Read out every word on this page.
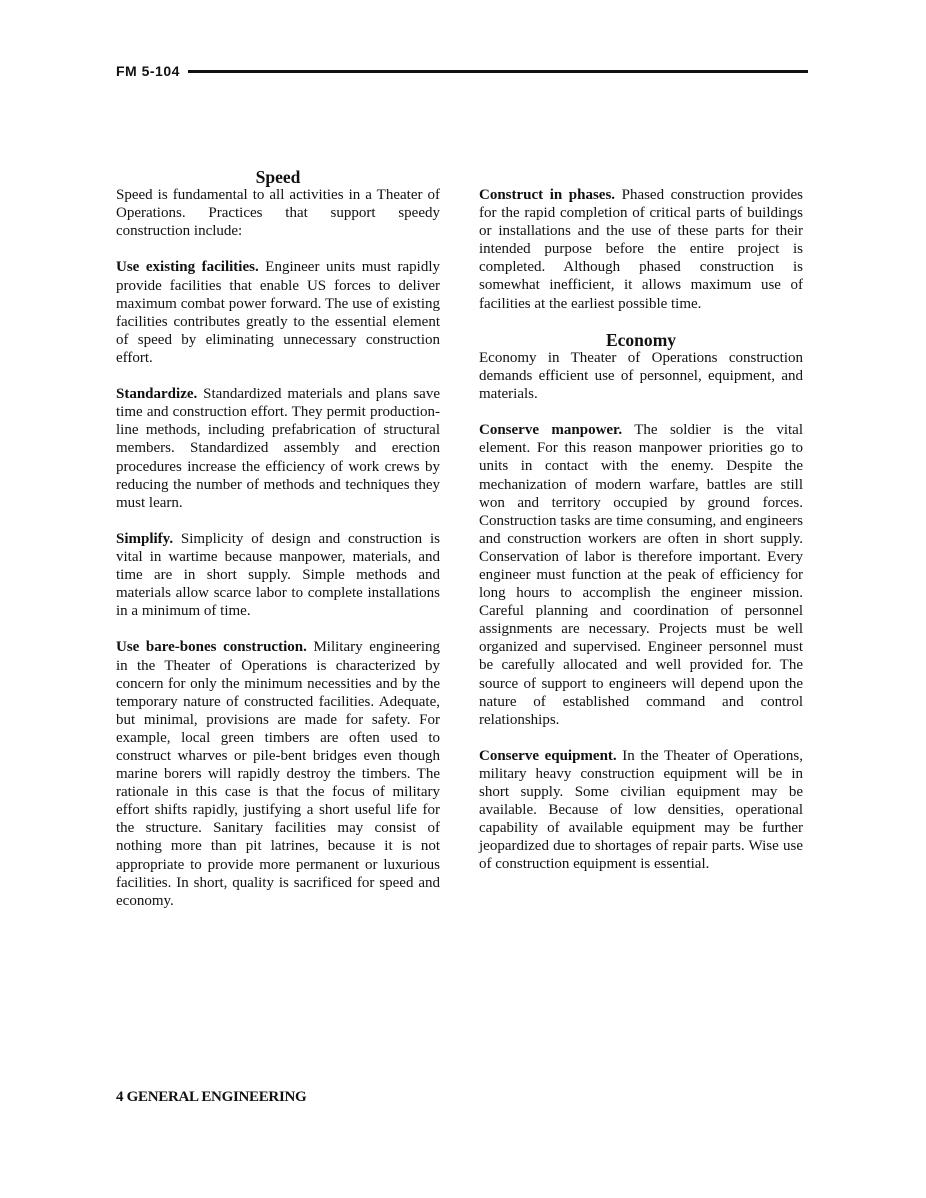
FM 5-104
Speed

Speed is fundamental to all activities in a Theater of Operations. Practices that support speedy construction include:

Use existing facilities. Engineer units must rapidly provide facilities that enable US forces to deliver maximum combat power forward. The use of existing facilities contributes greatly to the essential element of speed by eliminating unnecessary construction effort.

Standardize. Standardized materials and plans save time and construction effort. They permit production-line methods, including prefabrication of structural members. Standardized assembly and erection procedures increase the efficiency of work crews by reducing the number of methods and techniques they must learn.

Simplify. Simplicity of design and construction is vital in wartime because manpower, materials, and time are in short supply. Simple methods and materials allow scarce labor to complete installations in a minimum of time.

Use bare-bones construction. Military engineering in the Theater of Operations is characterized by concern for only the minimum necessities and by the temporary nature of constructed facilities. Adequate, but minimal, provisions are made for safety. For example, local green timbers are often used to construct wharves or pile-bent bridges even though marine borers will rapidly destroy the timbers. The rationale in this case is that the focus of military effort shifts rapidly, justifying a short useful life for the structure. Sanitary facilities may consist of nothing more than pit latrines, because it is not appropriate to provide more permanent or luxurious facilities. In short, quality is sacrificed for speed and economy.

Construct in phases. Phased construction provides for the rapid completion of critical parts of buildings or installations and the use of these parts for their intended purpose before the entire project is completed. Although phased construction is somewhat inefficient, it allows maximum use of facilities at the earliest possible time.

Economy

Economy in Theater of Operations construction demands efficient use of personnel, equipment, and materials.

Conserve manpower. The soldier is the vital element. For this reason manpower priorities go to units in contact with the enemy. Despite the mechanization of modern warfare, battles are still won and territory occupied by ground forces. Construction tasks are time consuming, and engineers and construction workers are often in short supply. Conservation of labor is therefore important. Every engineer must function at the peak of efficiency for long hours to accomplish the engineer mission. Careful planning and coordination of personnel assignments are necessary. Projects must be well organized and supervised. Engineer personnel must be carefully allocated and well provided for. The source of support to engineers will depend upon the nature of established command and control relationships.

Conserve equipment. In the Theater of Operations, military heavy construction equipment will be in short supply. Some civilian equipment may be available. Because of low densities, operational capability of available equipment may be further jeopardized due to shortages of repair parts. Wise use of construction equipment is essential.

4 GENERAL ENGINEERING
